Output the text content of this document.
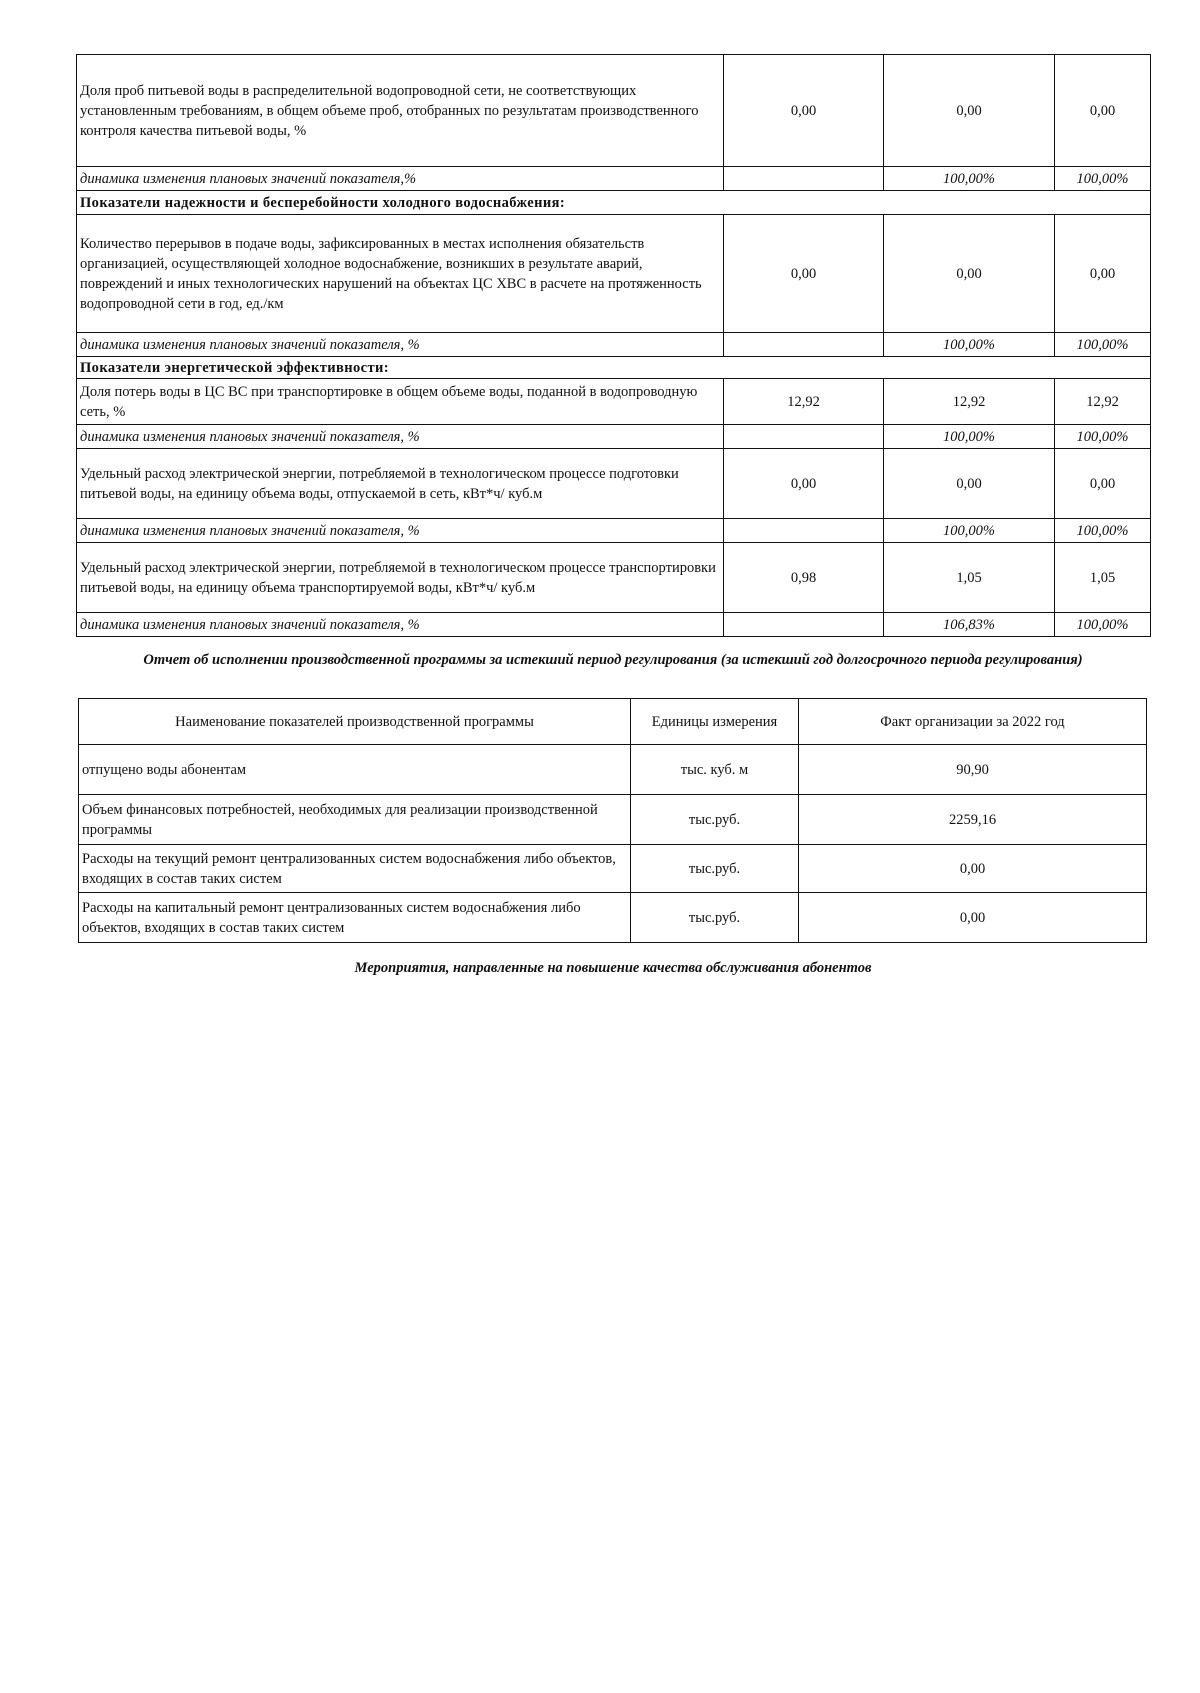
Доля проб питьевой воды в распределительной водопроводной сети, не соответствующих установленным требованиям, в общем объеме проб, отобранных по результатам производственного контроля качества питьевой воды, %	0,00	0,00	0,00
динамика изменения плановых значений показателя,%		100,00%	100,00%
Показатели надежности и бесперебойности холодного водоснабжения:			
Количество перерывов в подаче воды, зафиксированных в местах исполнения обязательств организацией, осуществляющей холодное водоснабжение, возникших в результате аварий, повреждений и иных технологических нарушений на объектах ЦС ХВС в расчете на протяженность водопроводной сети в год, ед./км	0,00	0,00	0,00
динамика изменения плановых значений показателя, %		100,00%	100,00%
Показатели энергетической эффективности:			
Доля потерь воды в ЦС ВС при транспортировке в общем объеме воды, поданной в водопроводную сеть, %	12,92	12,92	12,92
динамика изменения плановых значений показателя, %		100,00%	100,00%
Удельный расход электрической энергии, потребляемой в технологическом процессе подготовки питьевой воды, на единицу объема воды, отпускаемой в сеть, кВт*ч/ куб.м	0,00	0,00	0,00
динамика изменения плановых значений показателя, %		100,00%	100,00%
Удельный расход электрической энергии, потребляемой в технологическом процессе транспортировки питьевой воды, на единицу объема транспортируемой воды, кВт*ч/ куб.м	0,98	1,05	1,05
динамика изменения плановых значений показателя, %		106,83%	100,00%
Отчет об исполнении производственной программы за истекший период регулирования (за истекший год долгосрочного периода регулирования)
Наименование показателей производственной программы	Единицы измерения	Факт организации за 2022 год
отпущено воды абонентам	тыс. куб. м	90,90
Объем финансовых потребностей, необходимых для реализации производственной программы	тыс.руб.	2259,16
Расходы на текущий ремонт централизованных систем водоснабжения либо объектов, входящих в состав таких систем	тыс.руб.	0,00
Расходы на капитальный ремонт централизованных систем водоснабжения либо объектов, входящих в состав таких систем	тыс.руб.	0,00
Мероприятия, направленные на повышение качества обслуживания абонентов
